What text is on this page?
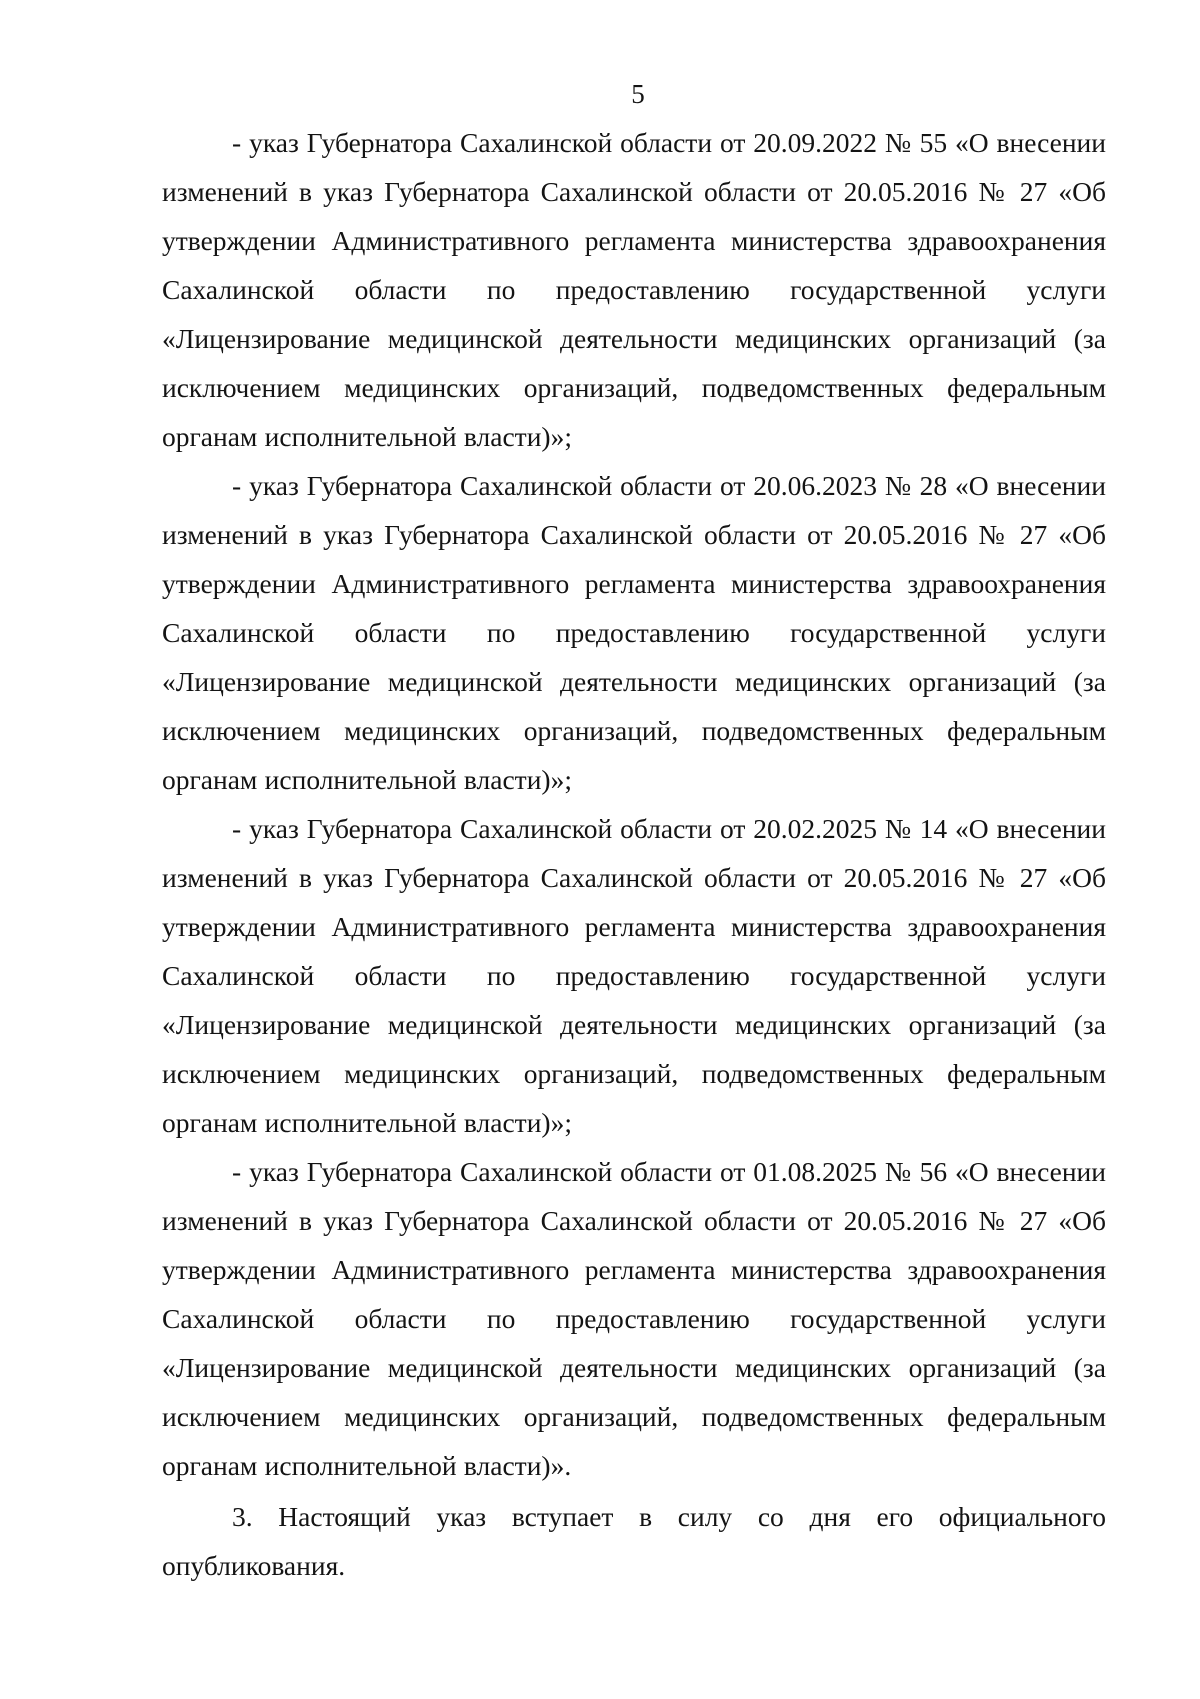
5

- указ Губернатора Сахалинской области от 20.09.2022 № 55 «О внесении изменений в указ Губернатора Сахалинской области от 20.05.2016 № 27 «Об утверждении Административного регламента министерства здравоохранения Сахалинской области по предоставлению государственной услуги «Лицензирование медицинской деятельности медицинских организаций (за исключением медицинских организаций, подведомственных федеральным органам исполнительной власти)»;

- указ Губернатора Сахалинской области от 20.06.2023 № 28 «О внесении изменений в указ Губернатора Сахалинской области от 20.05.2016 № 27 «Об утверждении Административного регламента министерства здравоохранения Сахалинской области по предоставлению государственной услуги «Лицензирование медицинской деятельности медицинских организаций (за исключением медицинских организаций, подведомственных федеральным органам исполнительной власти)»;

- указ Губернатора Сахалинской области от 20.02.2025 № 14 «О внесении изменений в указ Губернатора Сахалинской области от 20.05.2016 № 27 «Об утверждении Административного регламента министерства здравоохранения Сахалинской области по предоставлению государственной услуги «Лицензирование медицинской деятельности медицинских организаций (за исключением медицинских организаций, подведомственных федеральным органам исполнительной власти)»;

- указ Губернатора Сахалинской области от 01.08.2025 № 56 «О внесении изменений в указ Губернатора Сахалинской области от 20.05.2016 № 27 «Об утверждении Административного регламента министерства здравоохранения Сахалинской области по предоставлению государственной услуги «Лицензирование медицинской деятельности медицинских организаций (за исключением медицинских организаций, подведомственных федеральным органам исполнительной власти)».

3. Настоящий указ вступает в силу со дня его официального опубликования.
